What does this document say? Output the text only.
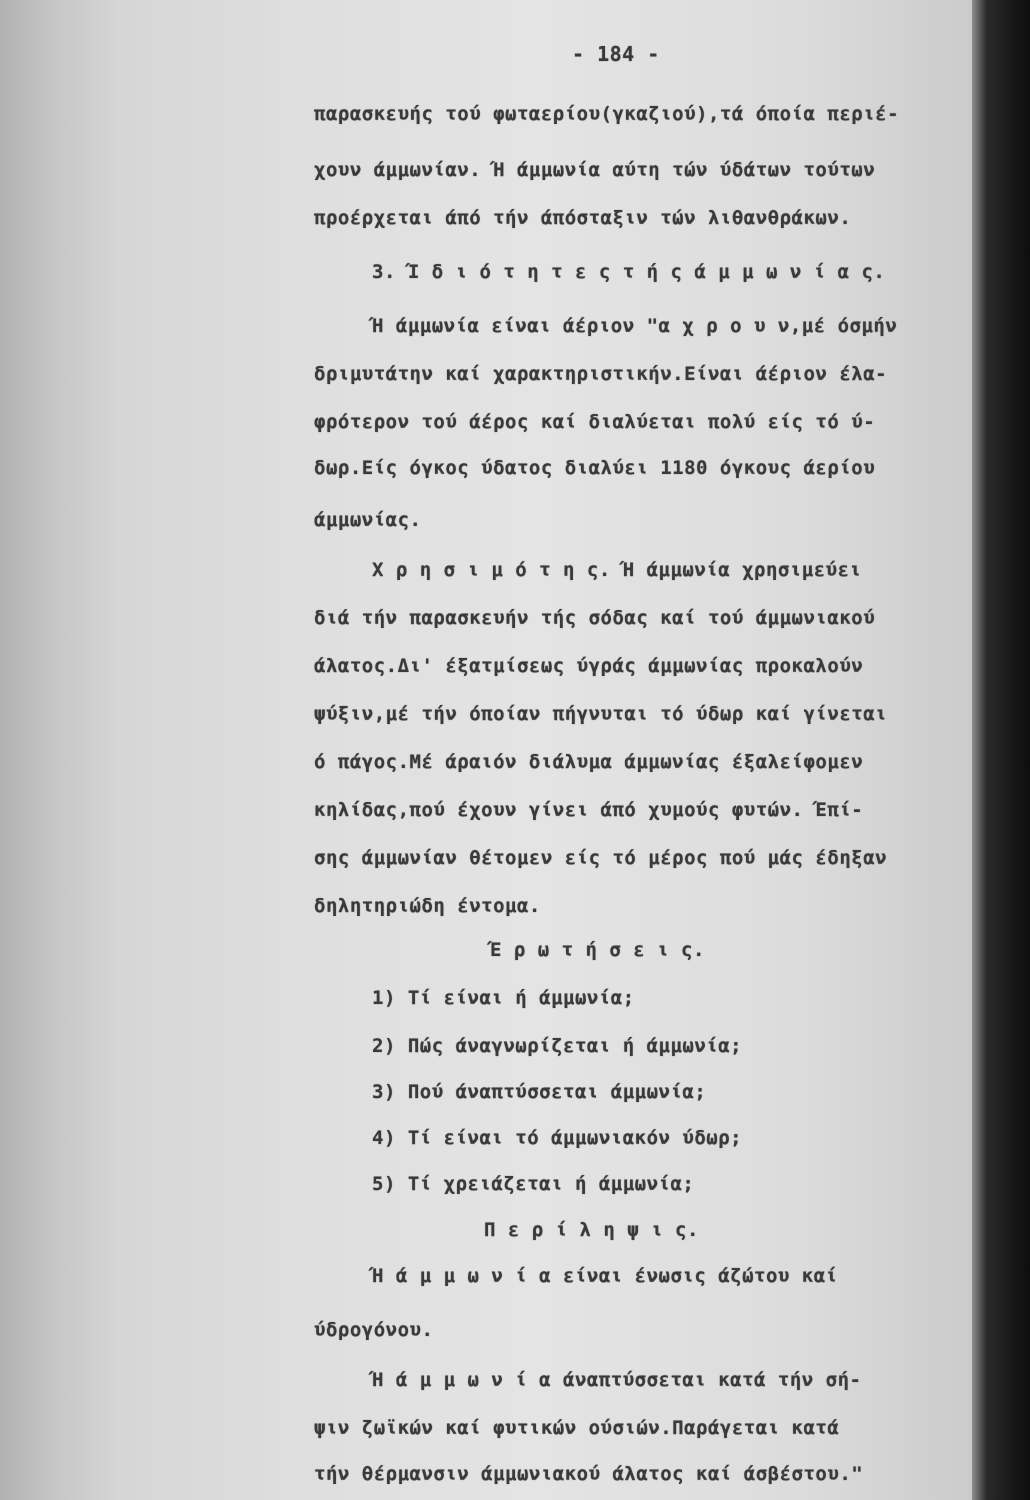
- 184 -
παρασκευής τού φωταερίου(γκαζιού),τά όποία περιέ-
χουν άμμωνίαν. Ή άμμωνία αύτη τών ύδάτων τούτων
προέρχεται άπό τήν άπόσταξιν τών λιθανθράκων.
3. Ί δ ι ό τ η τ ε ς τ ή ς ά μ μ ω ν ί α ς.
Ή άμμωνία είναι άέριον "α χ ρ ο υ ν,μέ όσμήν
δριμυτάτην καί χαρακτηριστικήν.Είναι άέριον έλα-
φρότερον τού άέρος καί διαλύεται πολύ είς τό ύ-
δωρ.Είς όγκος ύδατος διαλύει 1180 όγκους άερίου
άμμωνίας.
Χ ρ η σ ι μ ό τ η ς. Ή άμμωνία χρησιμεύει
διά τήν παρασκευήν τής σόδας καί τού άμμωνιακού
άλατος.Δι' έξατμίσεως ύγράς άμμωνίας προκαλούν
ψύξιν,μέ τήν όποίαν πήγνυται τό ύδωρ καί γίνεται
ό πάγος.Μέ άραιόν διάλυμα άμμωνίας έξαλείφομεν
κηλίδας,πού έχουν γίνει άπό χυμούς φυτών. Έπί-
σης άμμωνίαν θέτομεν είς τό μέρος πού μάς έδηξαν
δηλητηριώδη έντομα.
Έ ρ ω τ ή σ ε ι ς.
1) Τί είναι ή άμμωνία;
2) Πώς άναγνωρίζεται ή άμμωνία;
3) Πού άναπτύσσεται άμμωνία;
4) Τί είναι τό άμμωνιακόν ύδωρ;
5) Τί χρειάζεται ή άμμωνία;
Π ε ρ ί λ η ψ ι ς.
Ή ά μ μ ω ν ί α είναι ένωσις άζώτου καί
ύδρογόνου.
Ή ά μ μ ω ν ί α άναπτύσσεται κατά τήν σή-
ψιν ζωϊκών καί φυτικών ούσιών.Παράγεται κατά
τήν θέρμανσιν άμμωνιακού άλατος καί άσβέστου."
